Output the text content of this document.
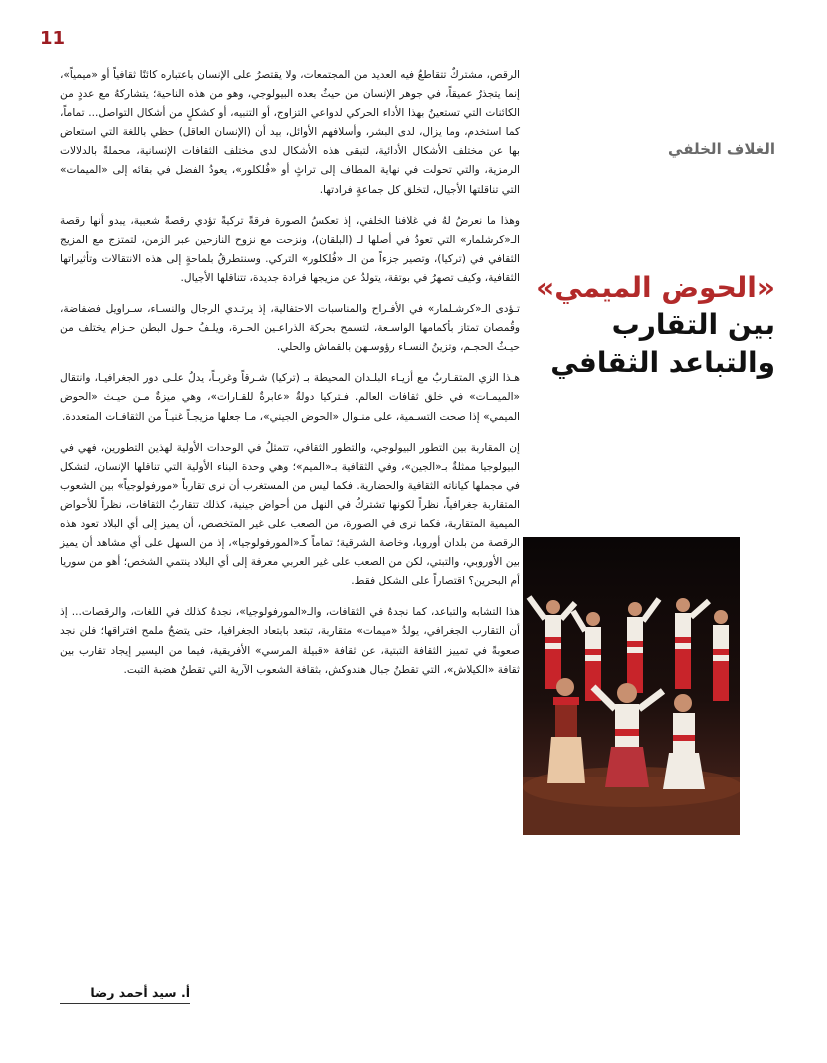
11
الغلاف الخلفي
«الحوض الميمي»
بين التقارب
والتباعد الثقافي

الرقص، مشتركٌ تتقاطعُ فيه العديد من المجتمعات، ولا يقتصرُ على الإنسان باعتباره كائنًا ثقافياً أو «ميمياً»، إنما يتجذرُ عميقاً، في جوهر الإنسان من حيثُ بعده البيولوجي، وهو من هذه الناحية؛ يتشاركهُ مع عددٍ من الكائنات التي تستعينُ بهذا الأداء الحركي لدواعي التزاوج، أو التنبيه، أو كشكلٍ من أشكال التواصل... تماماً، كما استخدم، وما يزال، لدى البشر، وأسلافهم الأوائل، بيد أن (الإنسان العاقل) حظي باللغة التي استعاض بها عن مختلف الأشكال الأدائية، لتبقى هذه الأشكال لدى مختلف الثقافات الإنسانية، محملةً بالدلالات الرمزية، والتي تحولت في نهاية المطاف إلى تراثٍ أو «فُلكلور»، يعودُ الفضل في بقائه إلى «الميمات» التي تناقلتها الأجيال، لتخلق كل جماعةٍ فرادتها.

وهذا ما نعرضُ لهُ في غلافنا الخلفي، إذ تعكسُ الصورة فرقةً تركيةً تؤدي رقصةً شعبية، يبدو أنها رقصة الـ«كرشلمار» التي تعودُ في أصلها لـ (البلقان)، ونزحت مع نزوح النازحين عبر الزمن، لتمتزج مع المزيج الثقافي في (تركيا)، وتصير جزءاً من الـ «فُلكلور» التركي. وسنتطرقُ بلماحةٍ إلى هذه الانتقالات وتأثيراتها الثقافية، وكيف تصهرُ في بوتقة، يتولدُ عن مزيجها فرادة جديدة، تتناقلها الأجيال.

تـؤدى الـ«كرشـلمار» في الأفـراح والمناسبات الاحتفالية، إذ يرتـدي الرجال والنسـاء، سـراويل فضفاضة، وقُمصان تمتاز بأكمامها الواسـعة، لتسمح بحركة الذراعـين الحـرة، ويلـفُ حـول البطن حـزام يختلف من حيـثُ الحجـم، وتزينُ النسـاء رؤوسـهن بالقماش والحلي.

هـذا الزي المتقـاربُ مع أزيـاء البلـدان المحيطة بـ (تركيا) شـرقاً وغربـاً، يدلُ علـى دور الجغرافيـا، وانتقال «الميمـات» في خلق ثقافات العالم. فـتركيا دولةٌ «عابرةٌ للقـارات»، وهي ميزةٌ مـن حيـث «الحوض الميمي» إذا صحت التسـمية، على منـوال «الحوض الجيني»، مـا جعلها مزيجـاً غنيـاً من الثقافـات المتعددة.

إن المقاربة بين التطور البيولوجي، والتطور الثقافي، تتمثلُ في الوحدات الأولية لهذين التطورين، فهي في البيولوجيا ممثلةٌ بـ«الجين»، وفي الثقافية بـ«الميم»؛ وهي وحدة البناء الأولية التي تناقلها الإنسان، لتشكل في مجملها كياناته الثقافية والحضارية. فكما ليس من المستغرب أن نرى تقارباً «مورفولوجياً» بين الشعوب المتقاربة جغرافياً، نظراً لكونها تشتركُ في النهل من أحواض جينية، كذلك تتقاربُ الثقافات، نظراً للأحواض الميمية المتقاربة، فكما نرى في الصورة، من الصعب على غير المتخصص، أن يميز إلى أي البلاد تعود هذه الرقصة من بلدان أوروبا، وخاصة الشرقية؛ تماماً كـ«المورفولوجيا»، إذ من السهل على أي مشاهد أن يميز بين الأوروبي، والتبتي، لكن من الصعب على غير العربي معرفة إلى أي البلاد ينتمي الشخص؛ أهو من سوريا أم البحرين؟ اقتصاراً على الشكل فقط.

هذا التشابه والتباعد، كما نجدهُ في الثقافات، والـ«المورفولوجيا»، نجدهُ كذلك في اللغات، والرقصات... إذ أن التقارب الجغرافي، يولدُ «ميمات» متقاربة، تبتعد بابتعاد الجغرافيا، حتى يتضحُ ملمح افتراقها؛ فلن نجد صعوبةً في تمييز الثقافة التبتية، عن ثقافة «قبيلة المرسي» الأفريقية، فيما من اليسير إيجاد تقارب بين ثقافة «الكيلاش»، التي تقطنُ جبال هندوكش، بثقافة الشعوب الآرية التي تقطنُ هضبة التبت.

أ. سيد أحمد رضا
